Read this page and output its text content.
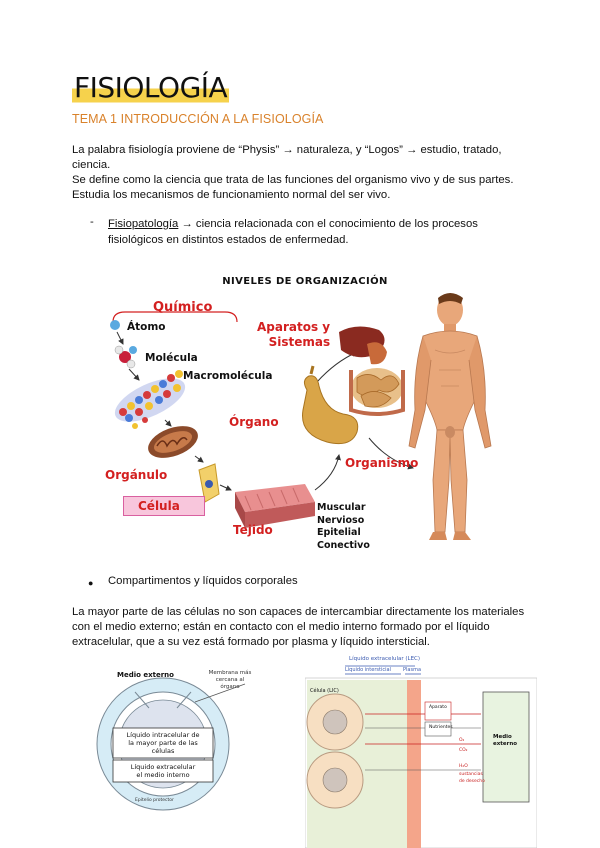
FISIOLOGÍA
TEMA 1 INTRODUCCIÓN A LA FISIOLOGÍA
La palabra fisiología proviene de “Physis” → naturaleza, y “Logos” → estudio, tratado,
ciencia.
Se define como la ciencia que trata de las funciones del organismo vivo y de sus partes.
Estudia los mecanismos de funcionamiento normal del ser vivo.
- Fisiopatología → ciencia relacionada con el conocimiento de los procesos
fisiológicos en distintos estados de enfermedad.
NIVELES DE ORGANIZACIÓN
Químico
Átomo
Molécula
Macromolécula
Orgánulo
Célula
Tejido
Muscular
Nervioso
Epitelial
Conectivo
Órgano
Aparatos y
Sistemas
Organismo
● Compartimentos y líquidos corporales
La mayor parte de las células no son capaces de intercambiar directamente los materiales
con el medio externo; están en contacto con el medio interno formado por el líquido
extracelular, que a su vez está formado por plasma y líquido intersticial.
Medio externo	Membrana más
cercana al
órgano
Líquido intracelular de
la mayor parte de las
células
Líquido extracelular
el medio interno
Epitelio protector
Líquido extracelular (LEC)
Líquido intersticial Plasma
Célula (LIC)
Medio
externo
Aparato
Nutrientes
O₂
CO₂
H₂O
sustancias
de desecho
